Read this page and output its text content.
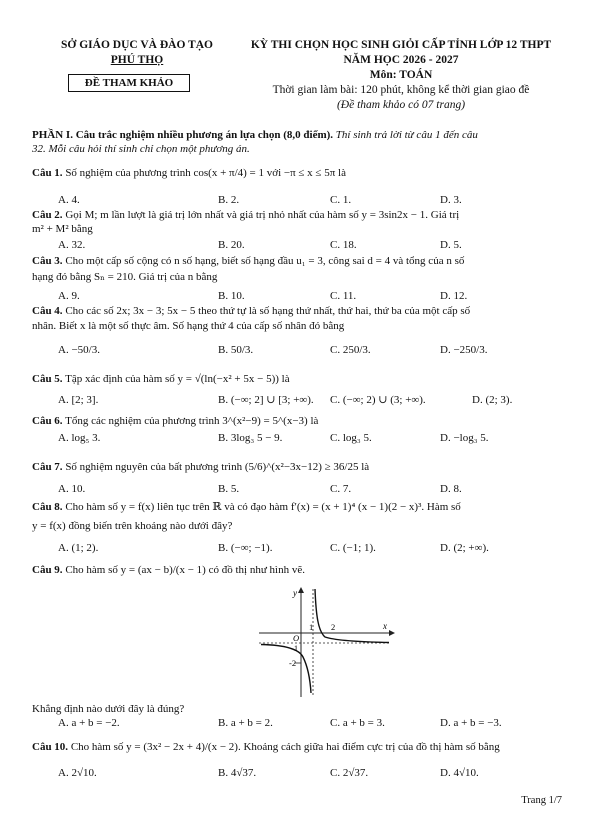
SỞ GIÁO DỤC VÀ ĐÀO TẠO
PHÚ THỌ
ĐỀ THAM KHẢO
KỲ THI CHỌN HỌC SINH GIỎI CẤP TỈNH LỚP 12 THPT
NĂM HỌC 2026 - 2027
Môn: TOÁN
Thời gian làm bài: 120 phút, không kể thời gian giao đề
(Đề tham khảo có 07 trang)
PHẦN I. Câu trắc nghiệm nhiều phương án lựa chọn (8,0 điểm). Thí sinh trả lời từ câu 1 đến câu
32. Mỗi câu hỏi thí sinh chỉ chọn một phương án.
Câu 1. Số nghiệm của phương trình cos(x + π/4) = 1 với −π ≤ x ≤ 5π là
A. 4.	B. 2.	C. 1.	D. 3.
Câu 2. Gọi M; m lần lượt là giá trị lớn nhất và giá trị nhỏ nhất của hàm số y = 3sin2x − 1. Giá trị
m² + M² bằng
A. 32.	B. 20.	C. 18.	D. 5.
Câu 3. Cho một cấp số cộng có n số hạng, biết số hạng đầu u₁ = 3, công sai d = 4 và tổng của n số
hạng đó bằng Sₙ = 210. Giá trị của n bằng
A. 9.	B. 10.	C. 11.	D. 12.
Câu 4. Cho các số 2x; 3x − 3; 5x − 5 theo thứ tự là số hạng thứ nhất, thứ hai, thứ ba của một cấp số
nhân. Biết x là một số thực âm. Số hạng thứ 4 của cấp số nhân đó bằng
A. −50/3.	B. 50/3.	C. 250/3.	D. −250/3.
Câu 5. Tập xác định của hàm số y = √(ln(−x² + 5x − 5)) là
A. [2; 3].	B. (−∞; 2] ∪ [3; +∞). C. (−∞; 2) ∪ (3; +∞).	D. (2; 3).
Câu 6. Tổng các nghiệm của phương trình 3^(x²−9) = 5^(x−3) là
A. log₅ 3.	B. 3log₃ 5 − 9.	C. log₃ 5.	D. −log₃ 5.
Câu 7. Số nghiệm nguyên của bất phương trình (5/6)^(x²−3x−12) ≥ 36/25 là
A. 10.	B. 5.	C. 7.	D. 8.
Câu 8. Cho hàm số y = f(x) liên tục trên ℝ và có đạo hàm f′(x) = (x + 1)⁴ (x − 1)(2 − x)³. Hàm số
y = f(x) đồng biến trên khoảng nào dưới đây?
A. (1; 2).	B. (−∞; −1).	C. (−1; 1).	D. (2; +∞).
Câu 9. Cho hàm số y = (ax − b)/(x − 1) có đồ thị như hình vẽ.
y
x
O
1 2
-1
-2
Khẳng định nào dưới đây là đúng?
A. a + b = −2.	B. a + b = 2.	C. a + b = 3.	D. a + b = −3.
Câu 10. Cho hàm số y = (3x² − 2x + 4)/(x − 2). Khoảng cách giữa hai điểm cực trị của đồ thị hàm số bằng
A. 2√10.	B. 4√37.	C. 2√37.	D. 4√10.
Trang 1/7
